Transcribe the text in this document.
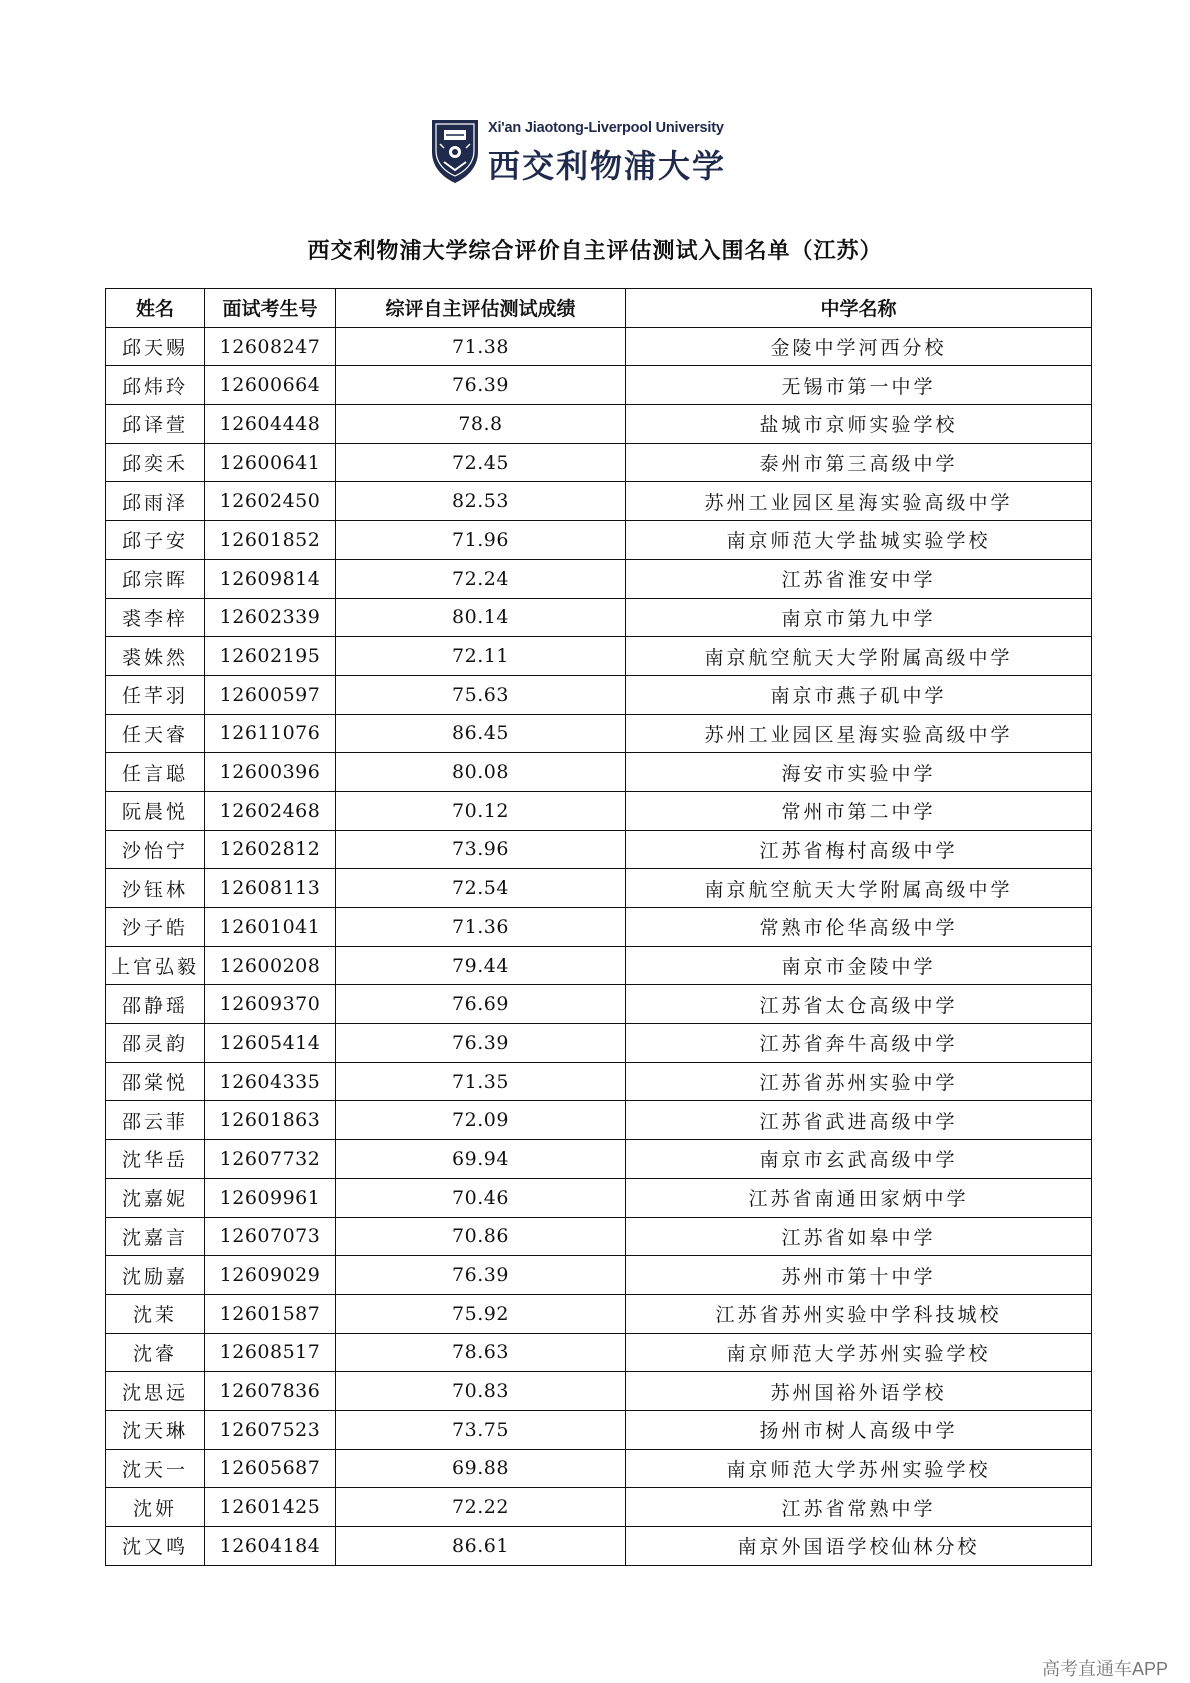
Xi'an Jiaotong-Liverpool University
西交利物浦大学
西交利物浦大学综合评价自主评估测试入围名单（江苏）
姓名	面试考生号	综评自主评估测试成绩	中学名称
邱天赐	12608247	71.38	金陵中学河西分校
邱炜玲	12600664	76.39	无锡市第一中学
邱译萱	12604448	78.8	盐城市京师实验学校
邱奕禾	12600641	72.45	泰州市第三高级中学
邱雨泽	12602450	82.53	苏州工业园区星海实验高级中学
邱子安	12601852	71.96	南京师范大学盐城实验学校
邱宗晖	12609814	72.24	江苏省淮安中学
裘李梓	12602339	80.14	南京市第九中学
裘姝然	12602195	72.11	南京航空航天大学附属高级中学
任芊羽	12600597	75.63	南京市燕子矶中学
任天睿	12611076	86.45	苏州工业园区星海实验高级中学
任言聪	12600396	80.08	海安市实验中学
阮晨悦	12602468	70.12	常州市第二中学
沙怡宁	12602812	73.96	江苏省梅村高级中学
沙钰林	12608113	72.54	南京航空航天大学附属高级中学
沙子皓	12601041	71.36	常熟市伦华高级中学
上官弘毅	12600208	79.44	南京市金陵中学
邵静瑶	12609370	76.69	江苏省太仓高级中学
邵灵韵	12605414	76.39	江苏省奔牛高级中学
邵棠悦	12604335	71.35	江苏省苏州实验中学
邵云菲	12601863	72.09	江苏省武进高级中学
沈华岳	12607732	69.94	南京市玄武高级中学
沈嘉妮	12609961	70.46	江苏省南通田家炳中学
沈嘉言	12607073	70.86	江苏省如皋中学
沈励嘉	12609029	76.39	苏州市第十中学
沈茉	12601587	75.92	江苏省苏州实验中学科技城校
沈睿	12608517	78.63	南京师范大学苏州实验学校
沈思远	12607836	70.83	苏州国裕外语学校
沈天琳	12607523	73.75	扬州市树人高级中学
沈天一	12605687	69.88	南京师范大学苏州实验学校
沈妍	12601425	72.22	江苏省常熟中学
沈又鸣	12604184	86.61	南京外国语学校仙林分校
高考直通车APP
